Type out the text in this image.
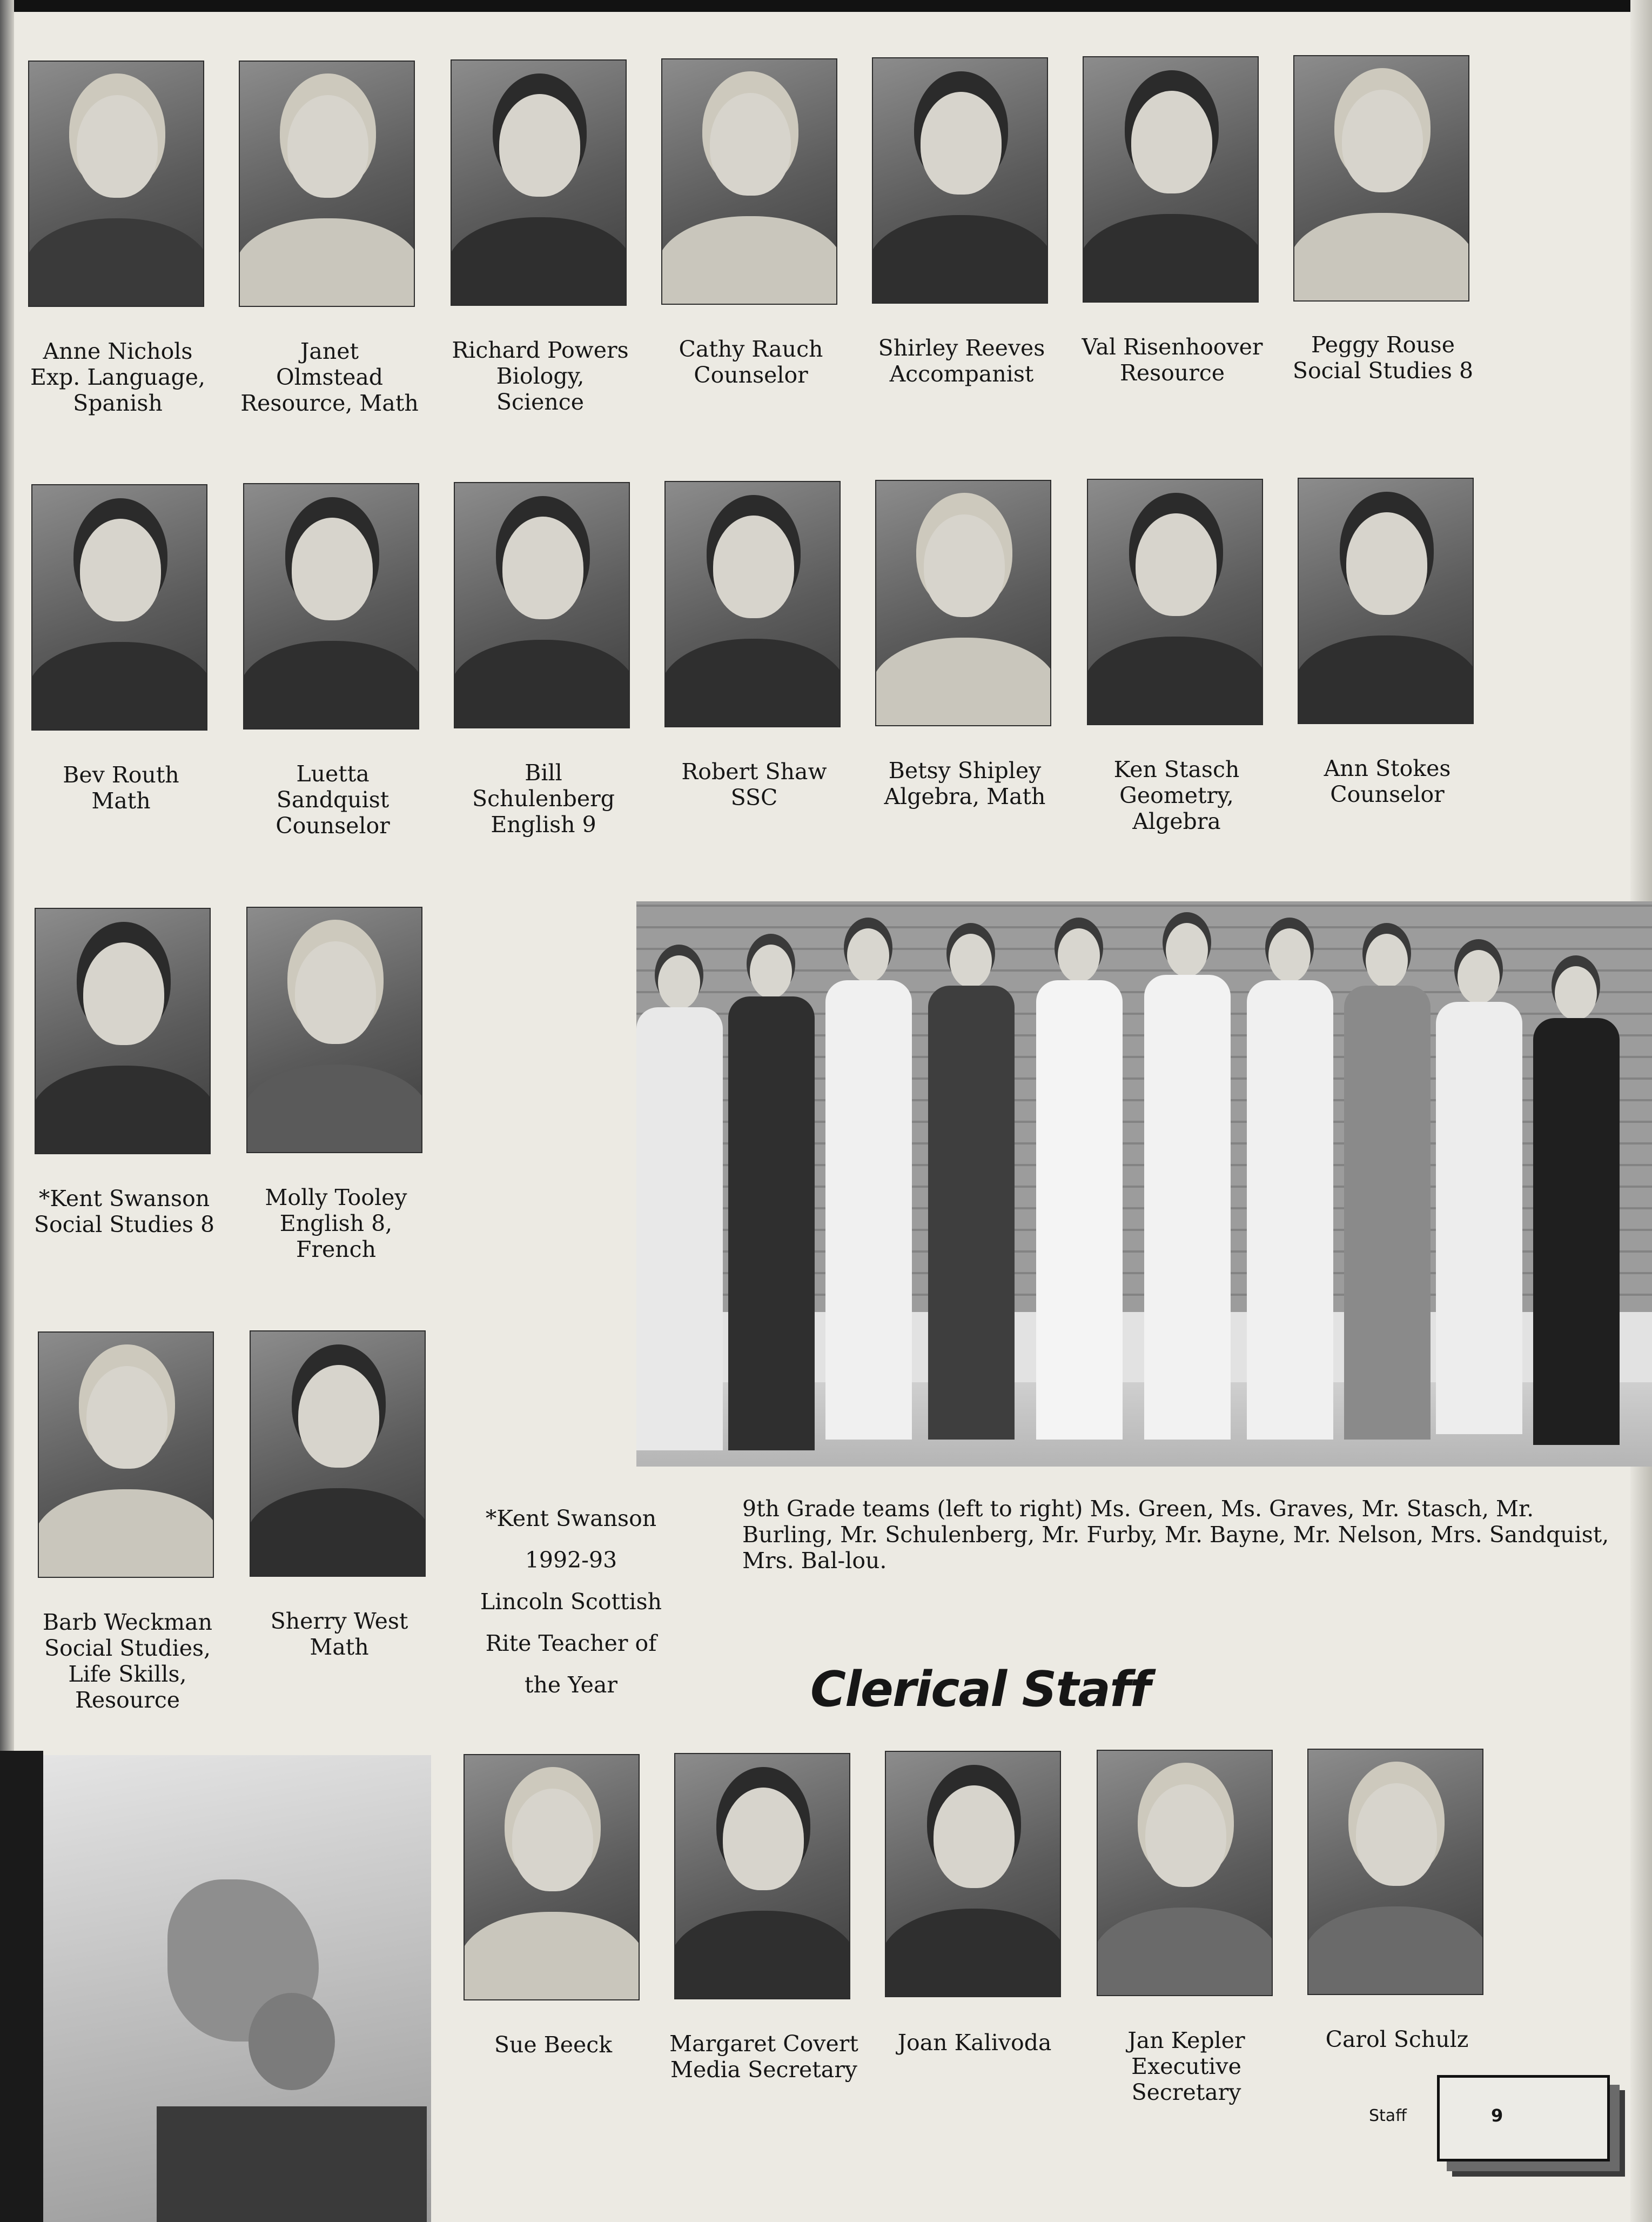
Anne Nichols
Exp. Language,
Spanish
Janet
Olmstead
Resource, Math
Richard Powers
Biology,
Science
Cathy Rauch
Counselor
Shirley Reeves
Accompanist
Val Risenhoover
Resource
Peggy Rouse
Social Studies 8
Bev Routh
Math
Luetta
Sandquist
Counselor
Bill
Schulenberg
English 9
Robert Shaw
SSC
Betsy Shipley
Algebra, Math
Ken Stasch
Geometry,
Algebra
Ann Stokes
Counselor
*Kent Swanson
Social Studies 8
Molly Tooley
English 8,
French
9th Grade teams (left to right) Ms. Green, Ms. Graves, Mr. Stasch, Mr. Burling, Mr. Schulenberg, Mr. Furby, Mr. Bayne, Mr. Nelson, Mrs. Sandquist, Mrs. Bal-lou.
Barb Weckman
Social Studies,
Life Skills,
Resource
Sherry West
Math
*Kent Swanson
1992-93
Lincoln Scottish
Rite Teacher of
the Year	Clerical Staff
Sue Beeck	Margaret Covert
Media Secretary
Joan Kalivoda	Jan Kepler
Executive
Secretary
Carol Schulz
Staff	9
